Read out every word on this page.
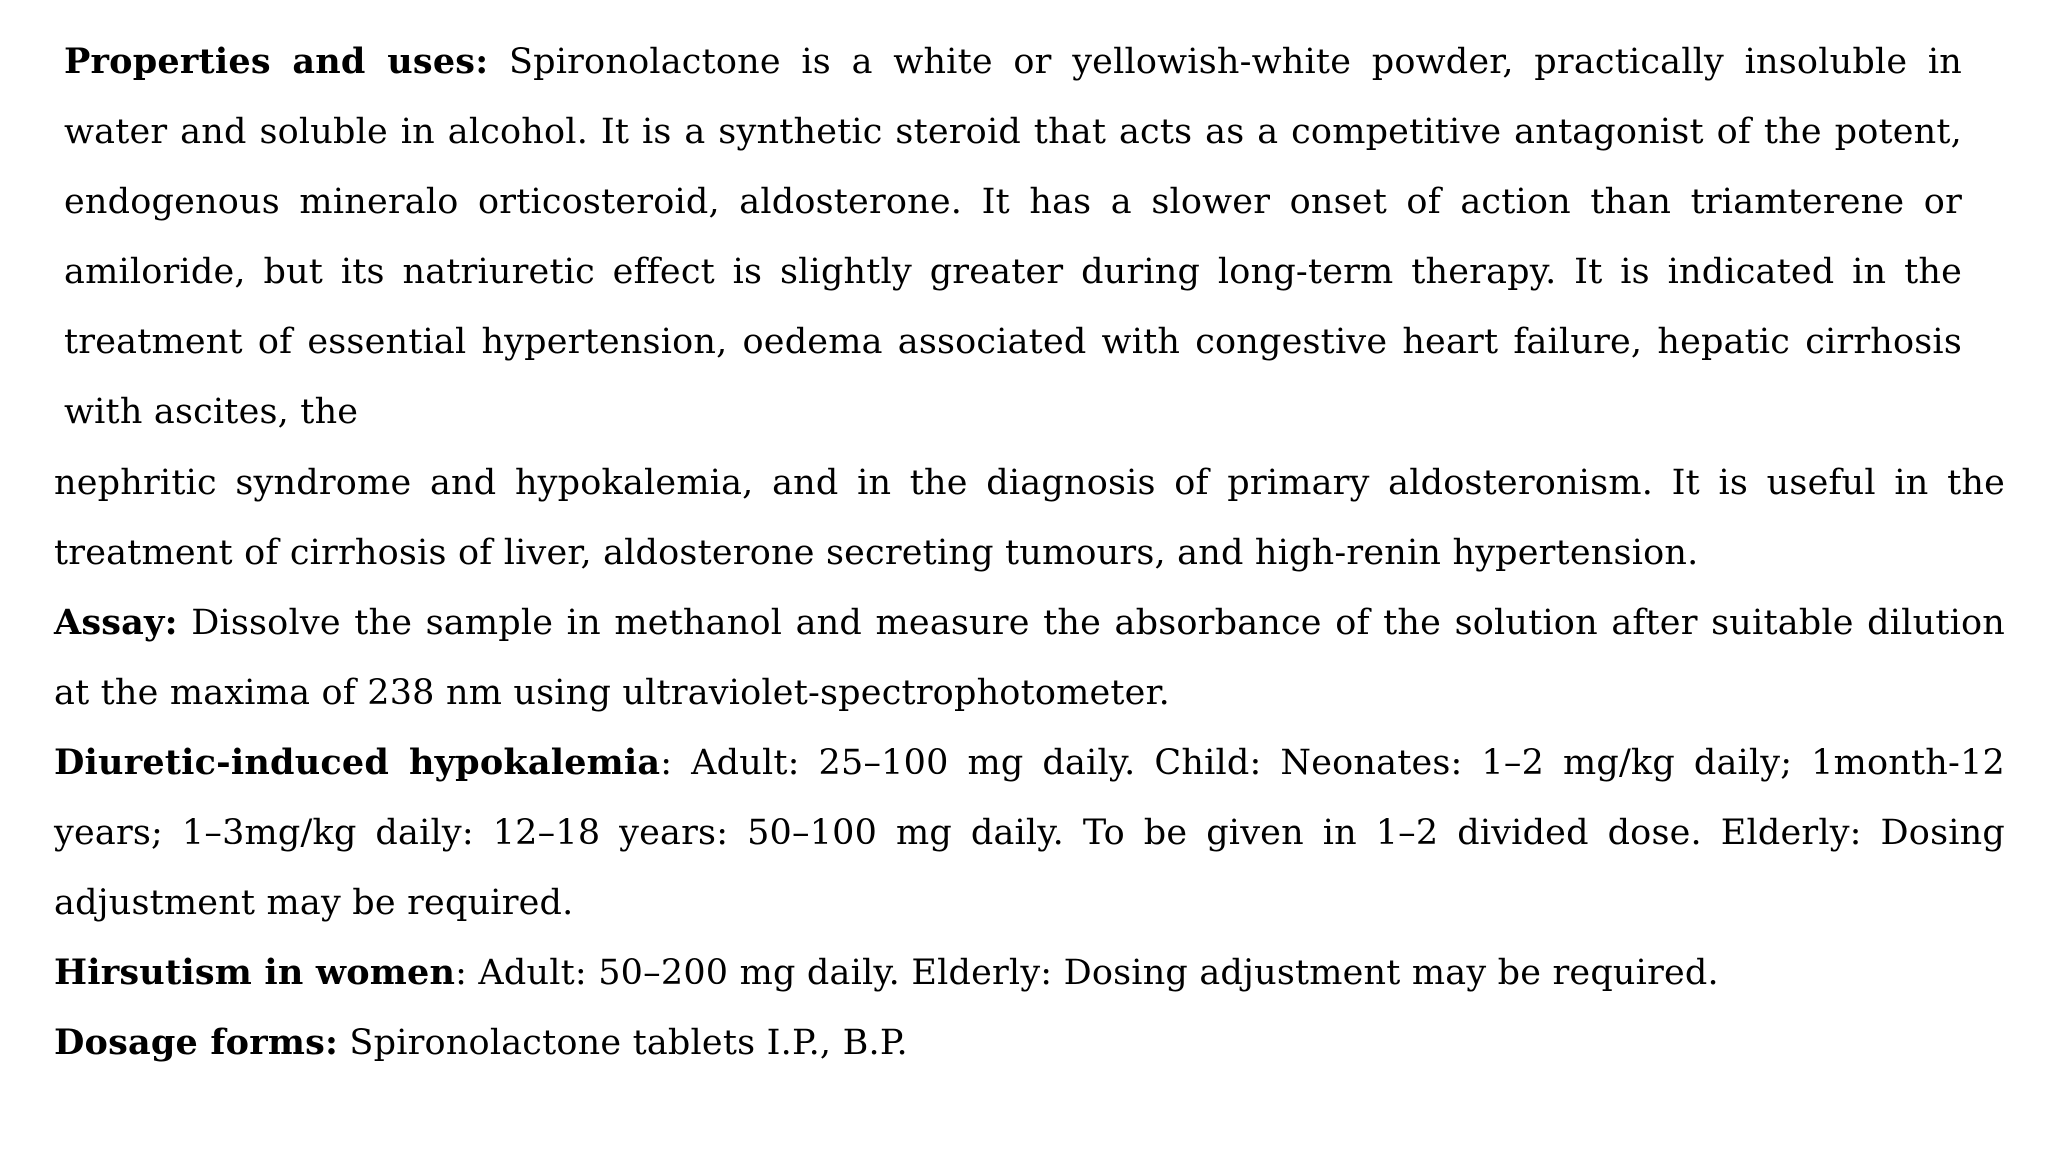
Properties and uses: Spironolactone is a white or yellowish-white powder, practically insoluble in water and soluble in alcohol. It is a synthetic steroid that acts as a competitive antagonist of the potent, endogenous mineralo orticosteroid, aldosterone. It has a slower onset of action than triamterene or amiloride, but its natriuretic effect is slightly greater during long-term therapy. It is indicated in the treatment of essential hypertension, oedema associated with congestive heart failure, hepatic cirrhosis with ascites, the

nephritic syndrome and hypokalemia, and in the diagnosis of primary aldosteronism. It is useful in the treatment of cirrhosis of liver, aldosterone secreting tumours, and high-renin hypertension.

Assay: Dissolve the sample in methanol and measure the absorbance of the solution after suitable dilution at the maxima of 238 nm using ultraviolet-spectrophotometer.

Diuretic-induced hypokalemia: Adult: 25–100 mg daily. Child: Neonates: 1–2 mg/kg daily; 1month-12 years; 1–3mg/kg daily: 12–18 years: 50–100 mg daily. To be given in 1–2 divided dose. Elderly: Dosing adjustment may be required.

Hirsutism in women: Adult: 50–200 mg daily. Elderly: Dosing adjustment may be required.

Dosage forms: Spironolactone tablets I.P., B.P.
